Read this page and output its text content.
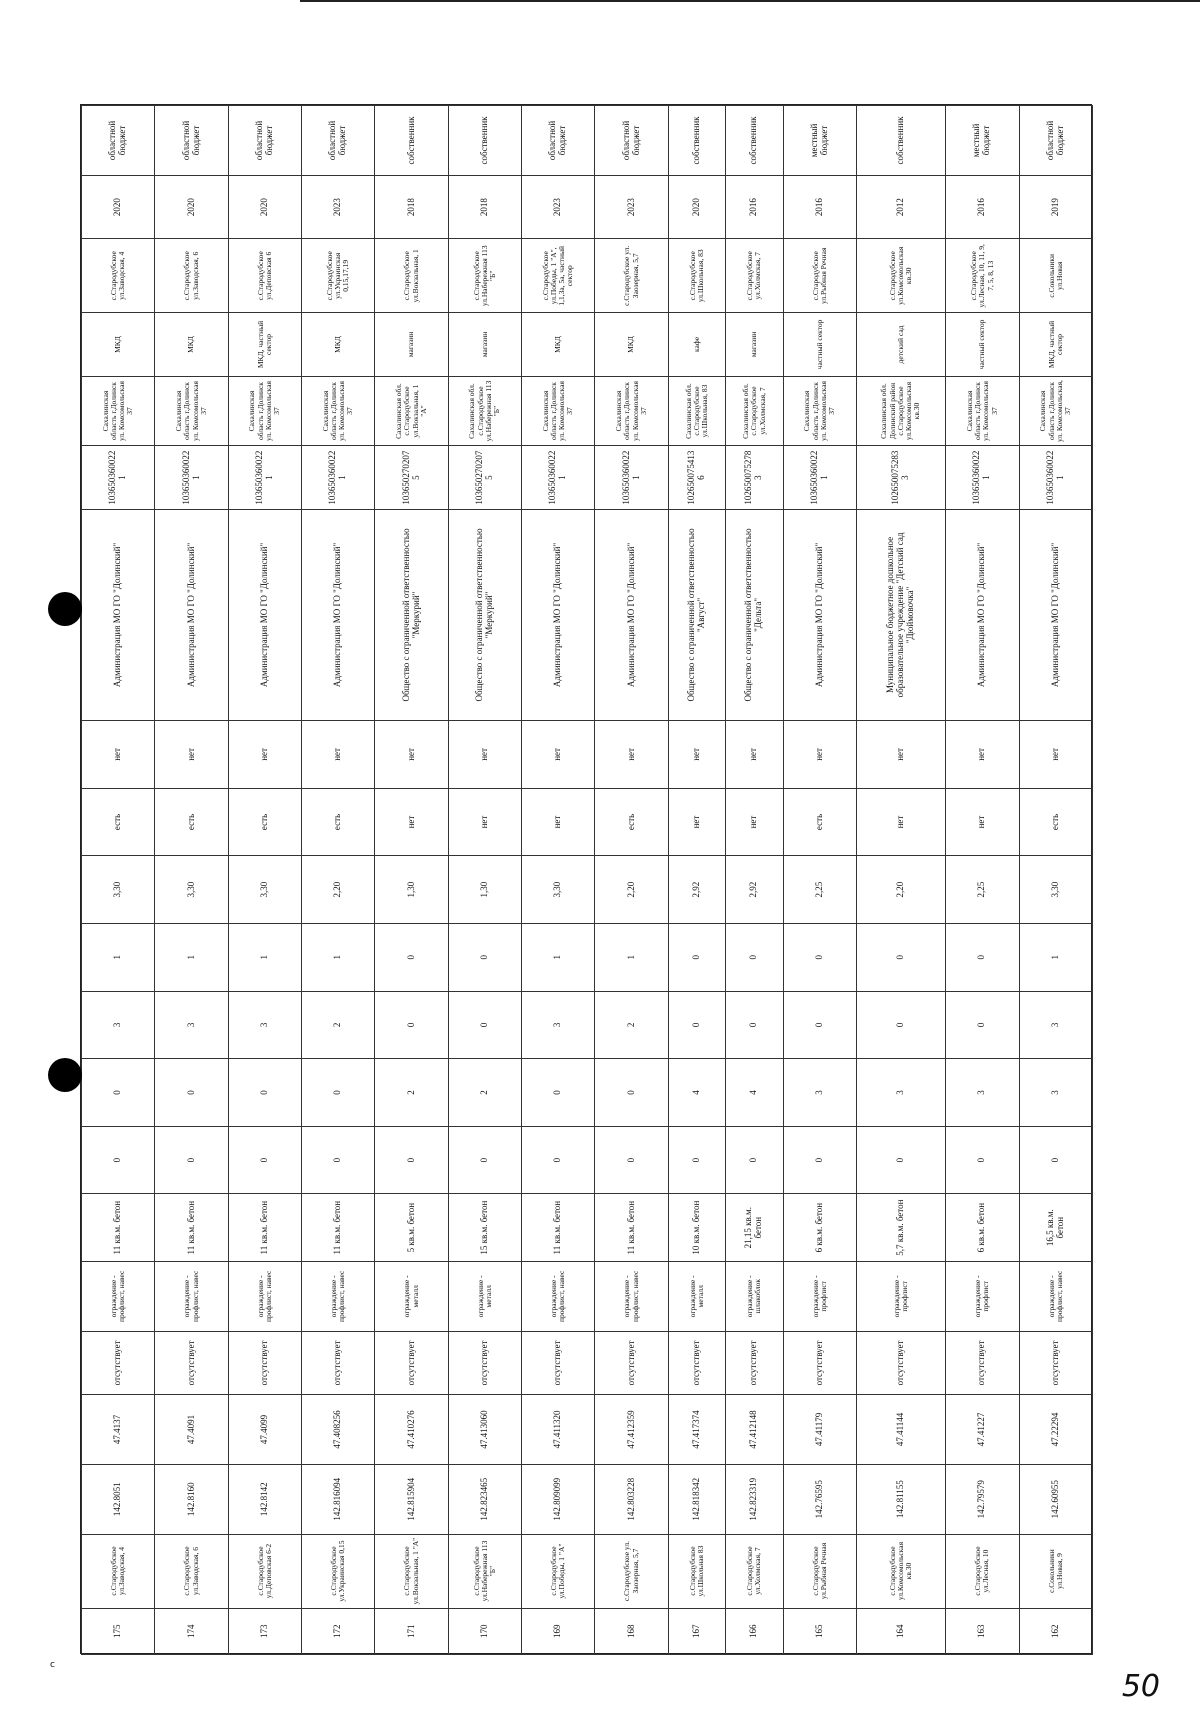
175	с.Стародубское ул.Заводская, 4	142.8051	47.4137	отсутствует	ограждение - профлист, навес	11 кв.м. бетон	0	0	3	1	3,30	есть	нет	Администрация МО ГО "Долинский"	1036503600221	Сахалинская область г.Долинск ул. Комсомольская 37	МКД	с.Стародубское ул.Заводская, 4	2020	областной бюджет
174	с.Стародубское ул.Заводская, 6	142.8160	47.4091	отсутствует	ограждение - профлист, навес	11 кв.м. бетон	0	0	3	1	3,30	есть	нет	Администрация МО ГО "Долинский"	1036503600221	Сахалинская область г.Долинск ул. Комсомольская 37	МКД	с.Стародубское ул.Заводская, 6	2020	областной бюджет
173	с.Стародубское ул.Деповская 6-2	142.8142	47.4099	отсутствует	ограждение - профлист, навес	11 кв.м. бетон	0	0	3	1	3,30	есть	нет	Администрация МО ГО "Долинский"	1036503600221	Сахалинская область г.Долинск ул. Комсомольская 37	МКД, частный сектор	с.Стародубское ул.Деповская 6	2020	областной бюджет
172	с.Стародубское ул.Украинская 0,15	142.816094	47.408256	отсутствует	ограждение - профлист, навес	11 кв.м. бетон	0	0	2	1	2,20	есть	нет	Администрация МО ГО "Долинский"	1036503600221	Сахалинская область г.Долинск ул. Комсомольская 37	МКД	с.Стародубское ул.Украинская 0,15,17,19	2023	областной бюджет
171	с.Стародубское ул.Вокзальная, 1 "А"	142.815904	47.410276	отсутствует	ограждение - металл	5 кв.м. бетон	0	2	0	0	1,30	нет	нет	Общество с ограниченной ответственностью "Меркурий"	1036502702075	Сахалинская обл. с.Стародубское ул.Вокзальная, 1 "А"	магазин	с.Стародубское ул.Вокзальная, 1	2018	собственник
170	с.Стародубское ул.Набережная 113 "Б"	142.823465	47.413060	отсутствует	ограждение - металл	15 кв.м. бетон	0	2	0	0	1,30	нет	нет	Общество с ограниченной ответственностью "Меркурий"	1036502702075	Сахалинская обл. с.Стародубское ул.Набережная 113 "Б"	магазин	с.Стародубское ул.Набережная 113 "Б"	2018	собственник
169	с.Стародубское ул.Победы, 1 "А"	142.809099	47.411320	отсутствует	ограждение - профлист, навес	11 кв.м. бетон	0	0	3	1	3,30	нет	нет	Администрация МО ГО "Долинский"	1036503600221	Сахалинская область г.Долинск ул. Комсомольская 37	МКД	с.Стародубское ул.Победы, 1 "А", 1,1,3а, 5а, частный сектор	2023	областной бюджет
168	с.Стародубское ул. Заозерная, 5,7	142.803228	47.412359	отсутствует	ограждение - профлист, навес	11 кв.м. бетон	0	0	2	1	2,20	есть	нет	Администрация МО ГО "Долинский"	1036503600221	Сахалинская область г.Долинск ул. Комсомольская 37	МКД	с.Стародубское ул. Заозерная, 5,7	2023	областной бюджет
167	с.Стародубское ул.Школьная 83	142.818342	47.417374	отсутствует	ограждение - металл	10 кв.м. бетон	0	4	0	0	2,92	нет	нет	Общество с ограниченной ответственностью "Август"	1026500754136	Сахалинская обл. с.Стародубское ул.Школьная, 83	кафе	с.Стародубское ул.Школьная, 83	2020	собственник
166	с.Стародубское ул.Холмская, 7	142.823319	47.412148	отсутствует	ограждение - шлакоблок	21,15 кв.м. бетон	0	4	0	0	2,92	нет	нет	Общество с ограниченной ответственностью "Дельта"	1026500752783	Сахалинская обл. с.Стародубское ул.Холмская, 7	магазин	с.Стародубское ул.Холмская, 7	2016	собственник
165	с.Стародубское ул.Рыбная Речная	142.76595	47.41179	отсутствует	ограждение - профлист	6 кв.м. бетон	0	3	0	0	2,25	есть	нет	Администрация МО ГО "Долинский"	1036503600221	Сахалинская область г.Долинск ул. Комсомольская 37	частный сектор	с.Стародубское ул.Рыбная Речная	2016	местный бюджет
164	с.Стародубское ул.Комсомольская кв.30	142.81155	47.41144	отсутствует	ограждение - профлист	5,7 кв.м. бетон	0	3	0	0	2,20	нет	нет	Муниципальное бюджетное дошкольное образовательное учреждение "Детский сад "Дюймовочка"	1026500752833	Сахалинская обл. Долинский район с.Стародубское ул.Комсомольская кв.30	детский сад	с.Стародубское ул.Комсомольская кв.30	2012	собственник
163	с.Стародубское ул.Лесная, 10	142.79579	47.41227	отсутствует	ограждение - профлист	6 кв.м. бетон	0	3	0	0	2,25	нет	нет	Администрация МО ГО "Долинский"	1036503600221	Сахалинская область г.Долинск ул. Комсомольская 37	частный сектор	с.Стародубское ул.Лесная, 10, 11, 9, 7, 5, 8, 13	2016	местный бюджет
162	с.Сокольники ул.Новая, 9	142.60955	47.22294	отсутствует	ограждение - профлист, навес	16,5 кв.м. бетон	0	3	3	1	3,30	есть	нет	Администрация МО ГО "Долинский"	1036503600221	Сахалинская область г.Долинск ул. Комсомольская, 37	МКД, частный сектор	с.Сокольники ул.Новая	2019	областной бюджет
c
50
